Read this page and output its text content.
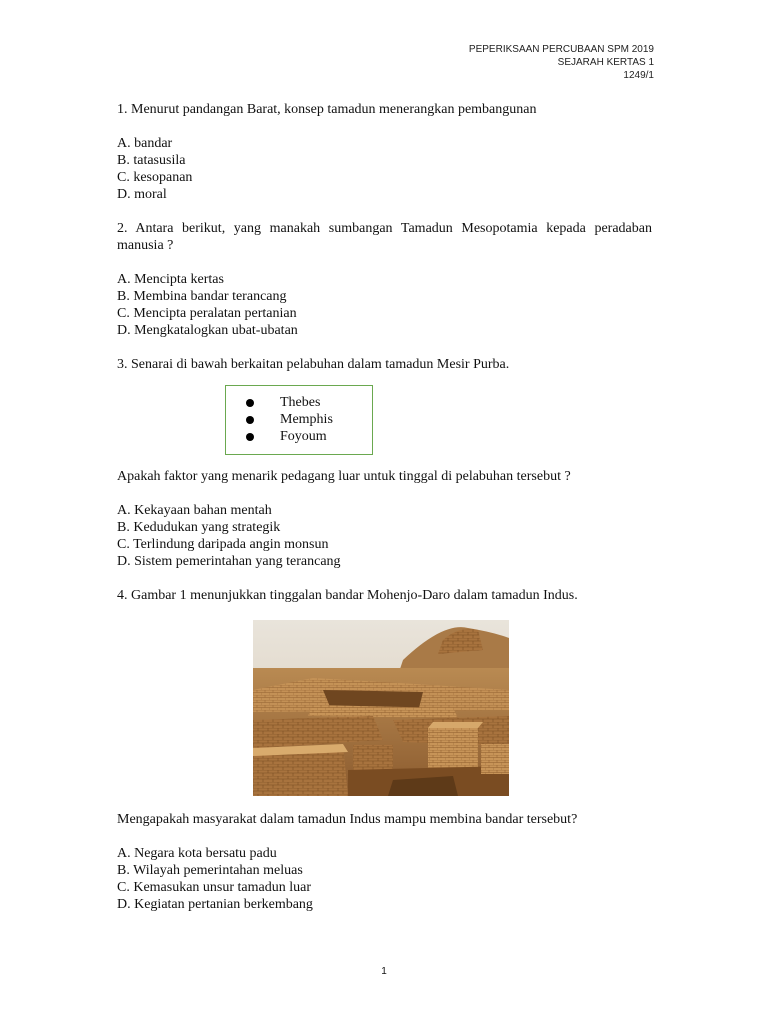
PEPERIKSAAN PERCUBAAN SPM 2019
SEJARAH KERTAS 1
1249/1

1. Menurut pandangan Barat, konsep tamadun menerangkan pembangunan

A. bandar
B. tatasusila
C. kesopanan
D. moral

2. Antara berikut, yang manakah sumbangan Tamadun Mesopotamia kepada peradaban manusia ?

A. Mencipta kertas
B. Membina bandar terancang
C. Mencipta peralatan pertanian
D. Mengkatalogkan ubat-ubatan

3. Senarai di bawah berkaitan pelabuhan dalam tamadun Mesir Purba.

Thebes
Memphis
Foyoum

Apakah faktor yang menarik pedagang luar untuk tinggal di pelabuhan tersebut ?

A. Kekayaan bahan mentah
B. Kedudukan yang strategik
C. Terlindung daripada angin monsun
D. Sistem pemerintahan yang terancang

4. Gambar 1 menunjukkan tinggalan bandar Mohenjo-Daro dalam tamadun Indus.

Mengapakah masyarakat dalam tamadun Indus mampu membina bandar tersebut?

A. Negara kota bersatu padu
B. Wilayah pemerintahan meluas
C. Kemasukan unsur tamadun luar
D. Kegiatan pertanian berkembang
1
